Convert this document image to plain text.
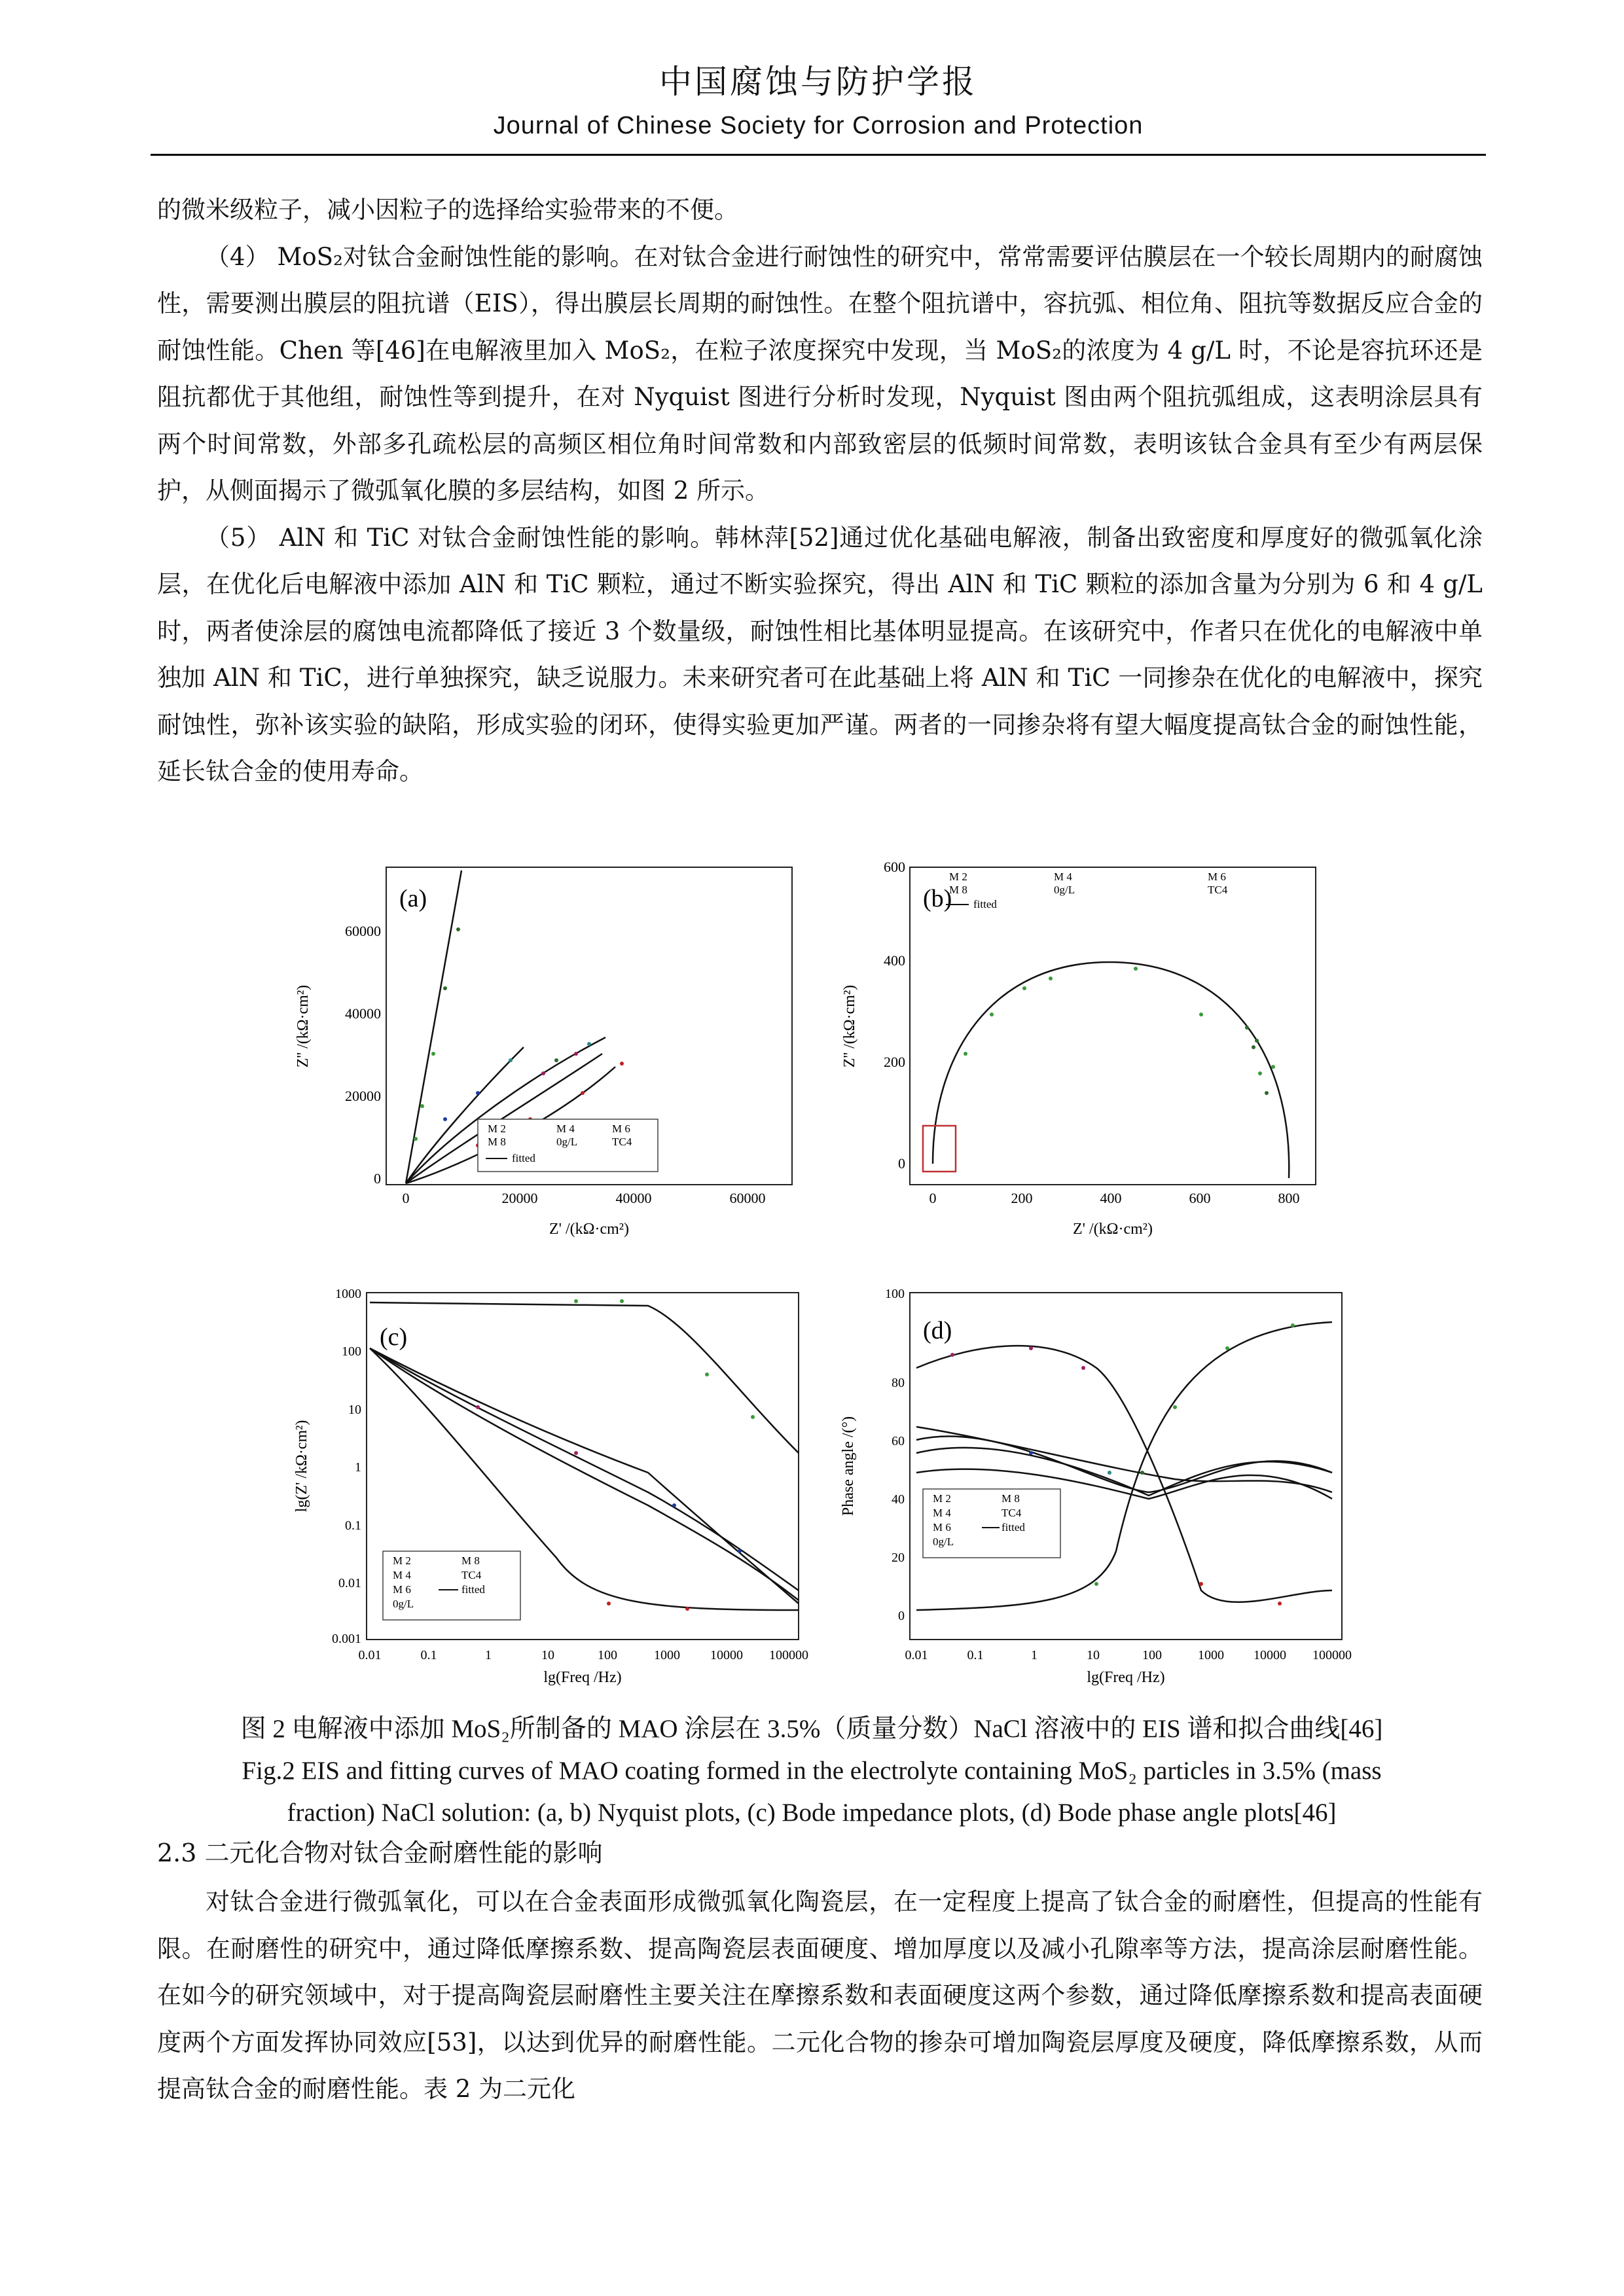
中国腐蚀与防护学报
Journal of Chinese Society for Corrosion and Protection

的微米级粒子，减小因粒子的选择给实验带来的不便。

（4） MoS₂对钛合金耐蚀性能的影响。在对钛合金进行耐蚀性的研究中，常常需要评估膜层在一个较长周期内的耐腐蚀性，需要测出膜层的阻抗谱（EIS），得出膜层长周期的耐蚀性。在整个阻抗谱中，容抗弧、相位角、阻抗等数据反应合金的耐蚀性能。Chen 等[46]在电解液里加入 MoS₂，在粒子浓度探究中发现，当 MoS₂的浓度为 4 g/L 时，不论是容抗环还是阻抗都优于其他组，耐蚀性等到提升，在对 Nyquist 图进行分析时发现，Nyquist 图由两个阻抗弧组成，这表明涂层具有两个时间常数，外部多孔疏松层的高频区相位角时间常数和内部致密层的低频时间常数，表明该钛合金具有至少有两层保护，从侧面揭示了微弧氧化膜的多层结构，如图 2 所示。

（5） AlN 和 TiC 对钛合金耐蚀性能的影响。韩林萍[52]通过优化基础电解液，制备出致密度和厚度好的微弧氧化涂层，在优化后电解液中添加 AlN 和 TiC 颗粒，通过不断实验探究，得出 AlN 和 TiC 颗粒的添加含量为分别为 6 和 4 g/L 时，两者使涂层的腐蚀电流都降低了接近 3 个数量级，耐蚀性相比基体明显提高。在该研究中，作者只在优化的电解液中单独加 AlN 和 TiC，进行单独探究，缺乏说服力。未来研究者可在此基础上将 AlN 和 TiC 一同掺杂在优化的电解液中，探究耐蚀性，弥补该实验的缺陷，形成实验的闭环，使得实验更加严谨。两者的一同掺杂将有望大幅度提高钛合金的耐蚀性能，延长钛合金的使用寿命。

(a)
0
20000
40000
60000
0	20000	40000	60000
Z' /(kΩ·cm²)
Z'' /(kΩ·cm²)
M 2	M 4	M 6
M 8	0g/L	TC4
fitted
(b)
0
200
400
600
0	200	400	600	800
Z' /(kΩ·cm²)
Z'' /(kΩ·cm²)
M 2	M 4	M 6
M 8	0g/L	TC4
fitted
(c)
0.001
0.01
0.1
1
10
100
1000
0.01	0.1	1	10	100	1000 10000 100000
lg(Freq /Hz)
lg(Z' /kΩ·cm²)
M 2
M 4
M 6
0g/L
M 8
TC4
fitted
(d)
0
20
40
60
80
100
0.01	0.1	1	10	100	1000 10000 100000
lg(Freq /Hz)
Phase angle /(°)	M 2
M 4
M 6
0g/L
M 8
TC4
fitted
图 2 电解液中添加 MoS₂所制备的 MAO 涂层在 3.5%（质量分数）NaCl 溶液中的 EIS 谱和拟合曲线[46]
Fig.2 EIS and fitting curves of MAO coating formed in the electrolyte containing MoS₂ particles in 3.5% (mass
fraction) NaCl solution: (a, b) Nyquist plots, (c) Bode impedance plots, (d) Bode phase angle plots[46]
2.3 二元化合物对钛合金耐磨性能的影响

对钛合金进行微弧氧化，可以在合金表面形成微弧氧化陶瓷层，在一定程度上提高了钛合金的耐磨性，但提高的性能有限。在耐磨性的研究中，通过降低摩擦系数、提高陶瓷层表面硬度、增加厚度以及减小孔隙率等方法，提高涂层耐磨性能。在如今的研究领域中，对于提高陶瓷层耐磨性主要关注在摩擦系数和表面硬度这两个参数，通过降低摩擦系数和提高表面硬度两个方面发挥协同效应[53]，以达到优异的耐磨性能。二元化合物的掺杂可增加陶瓷层厚度及硬度，降低摩擦系数，从而提高钛合金的耐磨性能。表 2 为二元化
